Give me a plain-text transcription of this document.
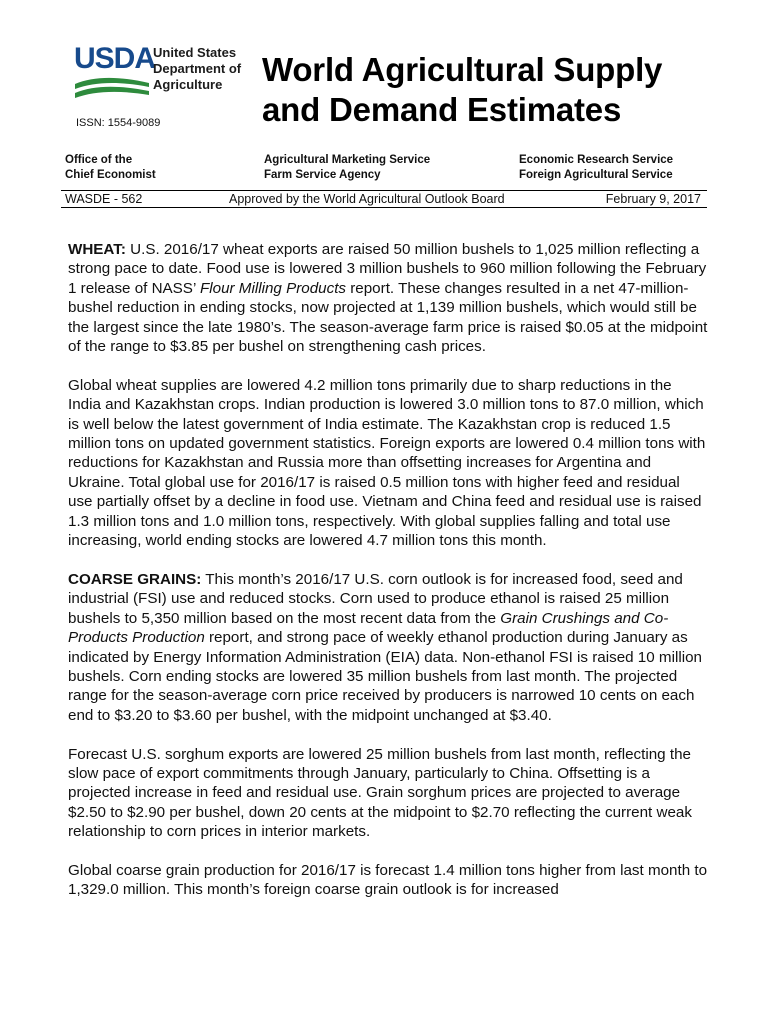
USDA
United States
Department of
Agriculture
ISSN: 1554-9089
World Agricultural Supply
and Demand Estimates
Office of the
Chief Economist
Agricultural Marketing Service
Farm Service Agency
Economic Research Service
Foreign Agricultural Service
WASDE - 562	Approved by the World Agricultural Outlook Board	February 9, 2017

WHEAT: U.S. 2016/17 wheat exports are raised 50 million bushels to 1,025 million reflecting a strong pace to date. Food use is lowered 3 million bushels to 960 million following the February 1 release of NASS’ Flour Milling Products report. These changes resulted in a net 47-million-bushel reduction in ending stocks, now projected at 1,139 million bushels, which would still be the largest since the late 1980’s. The season-average farm price is raised $0.05 at the midpoint of the range to $3.85 per bushel on strengthening cash prices.

Global wheat supplies are lowered 4.2 million tons primarily due to sharp reductions in the India and Kazakhstan crops. Indian production is lowered 3.0 million tons to 87.0 million, which is well below the latest government of India estimate. The Kazakhstan crop is reduced 1.5 million tons on updated government statistics. Foreign exports are lowered 0.4 million tons with reductions for Kazakhstan and Russia more than offsetting increases for Argentina and Ukraine. Total global use for 2016/17 is raised 0.5 million tons with higher feed and residual use partially offset by a decline in food use. Vietnam and China feed and residual use is raised 1.3 million tons and 1.0 million tons, respectively. With global supplies falling and total use increasing, world ending stocks are lowered 4.7 million tons this month.

COARSE GRAINS: This month’s 2016/17 U.S. corn outlook is for increased food, seed and industrial (FSI) use and reduced stocks. Corn used to produce ethanol is raised 25 million bushels to 5,350 million based on the most recent data from the Grain Crushings and Co-Products Production report, and strong pace of weekly ethanol production during January as indicated by Energy Information Administration (EIA) data. Non-ethanol FSI is raised 10 million bushels. Corn ending stocks are lowered 35 million bushels from last month. The projected range for the season-average corn price received by producers is narrowed 10 cents on each end to $3.20 to $3.60 per bushel, with the midpoint unchanged at $3.40.

Forecast U.S. sorghum exports are lowered 25 million bushels from last month, reflecting the slow pace of export commitments through January, particularly to China. Offsetting is a projected increase in feed and residual use. Grain sorghum prices are projected to average $2.50 to $2.90 per bushel, down 20 cents at the midpoint to $2.70 reflecting the current weak relationship to corn prices in interior markets.

Global coarse grain production for 2016/17 is forecast 1.4 million tons higher from last month to 1,329.0 million. This month’s foreign coarse grain outlook is for increased
